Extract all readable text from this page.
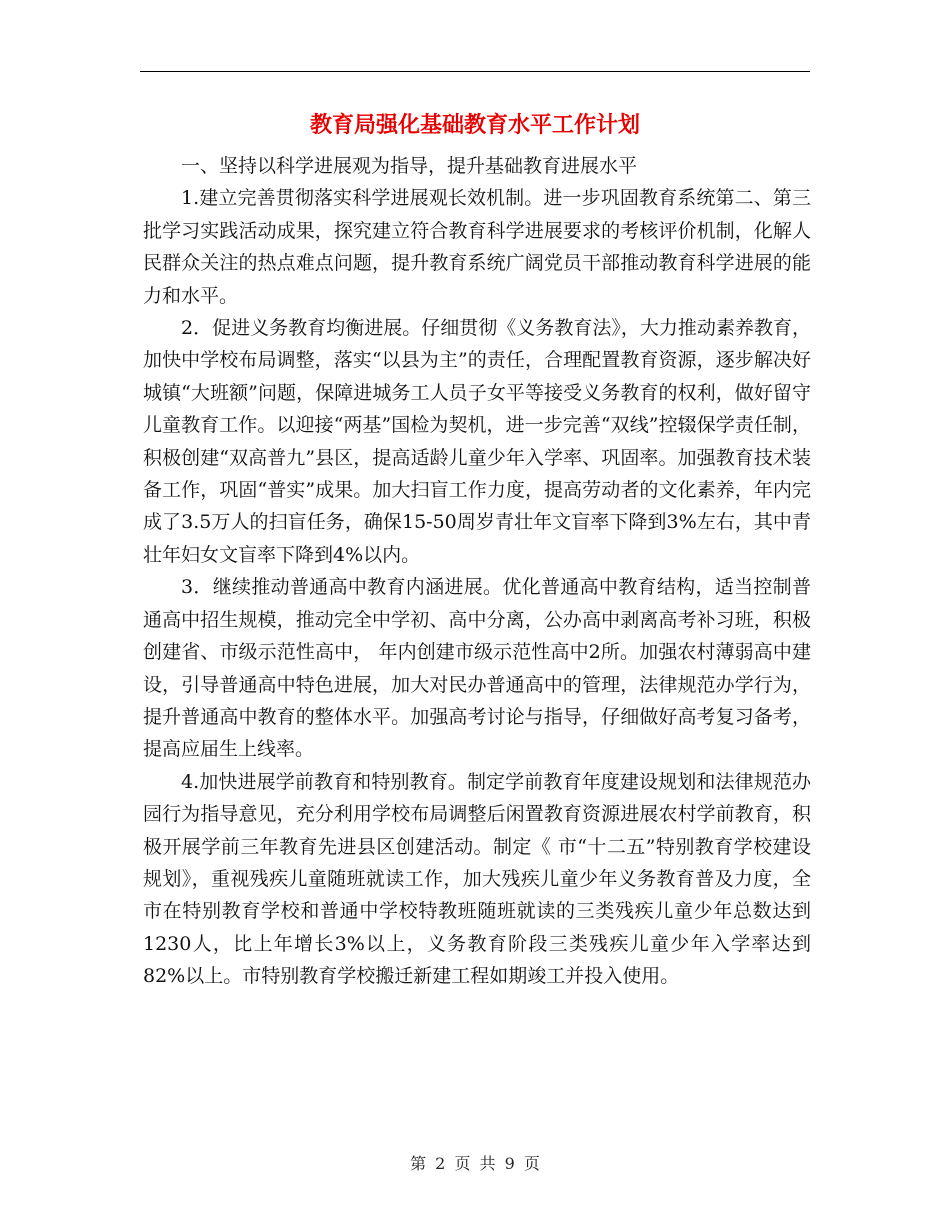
教育局强化基础教育水平工作计划

一、坚持以科学进展观为指导，提升基础教育进展水平

1.建立完善贯彻落实科学进展观长效机制。进一步巩固教育系统第二、第三批学习实践活动成果，探究建立符合教育科学进展要求的考核评价机制，化解人民群众关注的热点难点问题，提升教育系统广阔党员干部推动教育科学进展的能力和水平。

2．促进义务教育均衡进展。仔细贯彻《义务教育法》，大力推动素养教育，加快中学校布局调整，落实“以县为主”的责任，合理配置教育资源，逐步解决好城镇“大班额”问题，保障进城务工人员子女平等接受义务教育的权利，做好留守儿童教育工作。以迎接“两基”国检为契机，进一步完善“双线”控辍保学责任制，积极创建“双高普九”县区，提高适龄儿童少年入学率、巩固率。加强教育技术装备工作，巩固“普实”成果。加大扫盲工作力度，提高劳动者的文化素养，年内完成了3.5万人的扫盲任务，确保15-50周岁青壮年文盲率下降到3%左右，其中青壮年妇女文盲率下降到4%以内。

3．继续推动普通高中教育内涵进展。优化普通高中教育结构，适当控制普通高中招生规模，推动完全中学初、高中分离，公办高中剥离高考补习班，积极创建省、市级示范性高中， 年内创建市级示范性高中2所。加强农村薄弱高中建设，引导普通高中特色进展，加大对民办普通高中的管理，法律规范办学行为，提升普通高中教育的整体水平。加强高考讨论与指导，仔细做好高考复习备考，提高应届生上线率。

4.加快进展学前教育和特别教育。制定学前教育年度建设规划和法律规范办园行为指导意见，充分利用学校布局调整后闲置教育资源进展农村学前教育，积极开展学前三年教育先进县区创建活动。制定《 市“十二五”特别教育学校建设规划》，重视残疾儿童随班就读工作，加大残疾儿童少年义务教育普及力度，全市在特别教育学校和普通中学校特教班随班就读的三类残疾儿童少年总数达到1230人，比上年增长3%以上，义务教育阶段三类残疾儿童少年入学率达到82%以上。市特别教育学校搬迁新建工程如期竣工并投入使用。

第 2 页 共 9 页
